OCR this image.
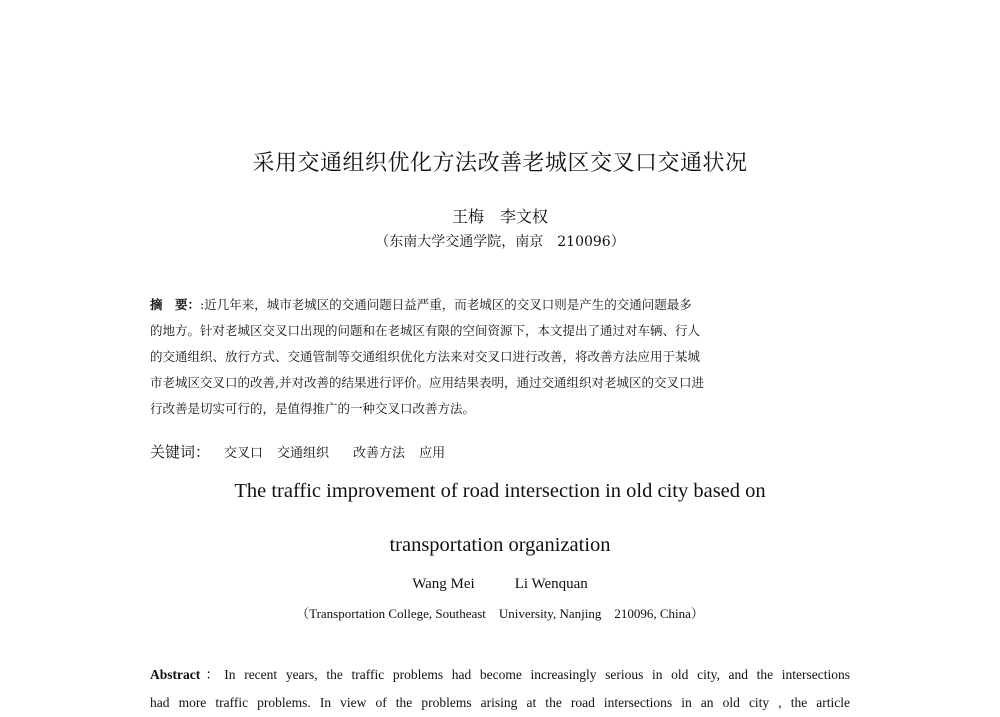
采用交通组织优化方法改善老城区交叉口交通状况
王梅　李文权
（东南大学交通学院，南京　210096）
摘　要：:近几年来，城市老城区的交通问题日益严重，而老城区的交叉口则是产生的交通问题最多
的地方。针对老城区交叉口出现的问题和在老城区有限的空间资源下，本文提出了通过对车辆、行人
的交通组织、放行方式、交通管制等交通组织优化方法来对交叉口进行改善，将改善方法应用于某城
市老城区交叉口的改善,并对改善的结果进行评价。应用结果表明，通过交通组织对老城区的交叉口进
行改善是切实可行的，是值得推广的一种交叉口改善方法。
关键词： 交叉口 交通组织 改善方法 应用
The traffic improvement of road intersection in old city based on
transportation organization
Wang Mei	Li Wenquan
（Transportation College, Southeast　University, Nanjing　210096, China）
Abstract：In recent years, the traffic problems had become increasingly serious in old city, and the intersections
had more traffic problems. In view of the problems arising at the road intersections in an old city , the article
